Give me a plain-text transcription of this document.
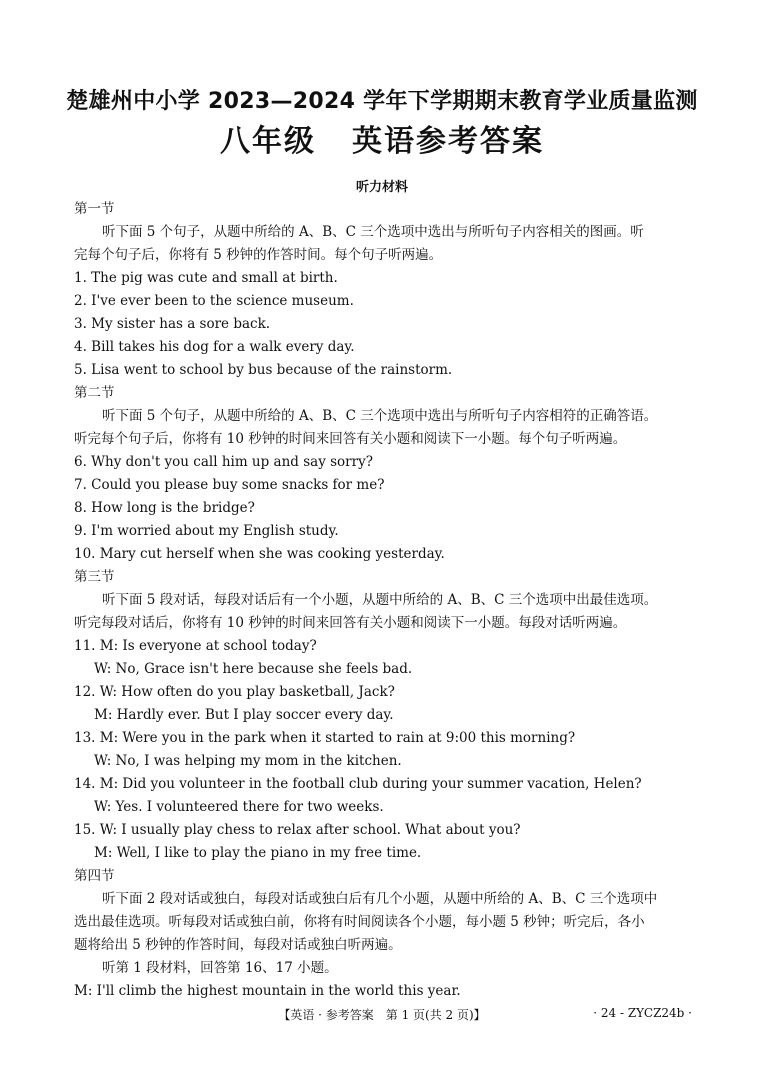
楚雄州中小学 2023—2024 学年下学期期末教育学业质量监测
八年级 英语参考答案
听力材料
第一节
听下面 5 个句子，从题中所给的 A、B、C 三个选项中选出与所听句子内容相关的图画。听
完每个句子后，你将有 5 秒钟的作答时间。每个句子听两遍。
1. The pig was cute and small at birth.
2. I've ever been to the science museum.
3. My sister has a sore back.
4. Bill takes his dog for a walk every day.
5. Lisa went to school by bus because of the rainstorm.
第二节
听下面 5 个句子，从题中所给的 A、B、C 三个选项中选出与所听句子内容相符的正确答语。
听完每个句子后，你将有 10 秒钟的时间来回答有关小题和阅读下一小题。每个句子听两遍。
6. Why don't you call him up and say sorry?
7. Could you please buy some snacks for me?
8. How long is the bridge?
9. I'm worried about my English study.
10. Mary cut herself when she was cooking yesterday.
第三节
听下面 5 段对话，每段对话后有一个小题，从题中所给的 A、B、C 三个选项中出最佳选项。
听完每段对话后，你将有 10 秒钟的时间来回答有关小题和阅读下一小题。每段对话听两遍。
11. M: Is everyone at school today?
W: No, Grace isn't here because she feels bad.
12. W: How often do you play basketball, Jack?
M: Hardly ever. But I play soccer every day.
13. M: Were you in the park when it started to rain at 9:00 this morning?
W: No, I was helping my mom in the kitchen.
14. M: Did you volunteer in the football club during your summer vacation, Helen?
W: Yes. I volunteered there for two weeks.
15. W: I usually play chess to relax after school. What about you?
M: Well, I like to play the piano in my free time.
第四节
听下面 2 段对话或独白，每段对话或独白后有几个小题，从题中所给的 A、B、C 三个选项中
选出最佳选项。听每段对话或独白前，你将有时间阅读各个小题，每小题 5 秒钟；听完后，各小
题将给出 5 秒钟的作答时间，每段对话或独白听两遍。
听第 1 段材料，回答第 16、17 小题。
M: I'll climb the highest mountain in the world this year.
【英语 · 参考答案　第 1 页(共 2 页)】	· 24 - ZYCZ24b ·
